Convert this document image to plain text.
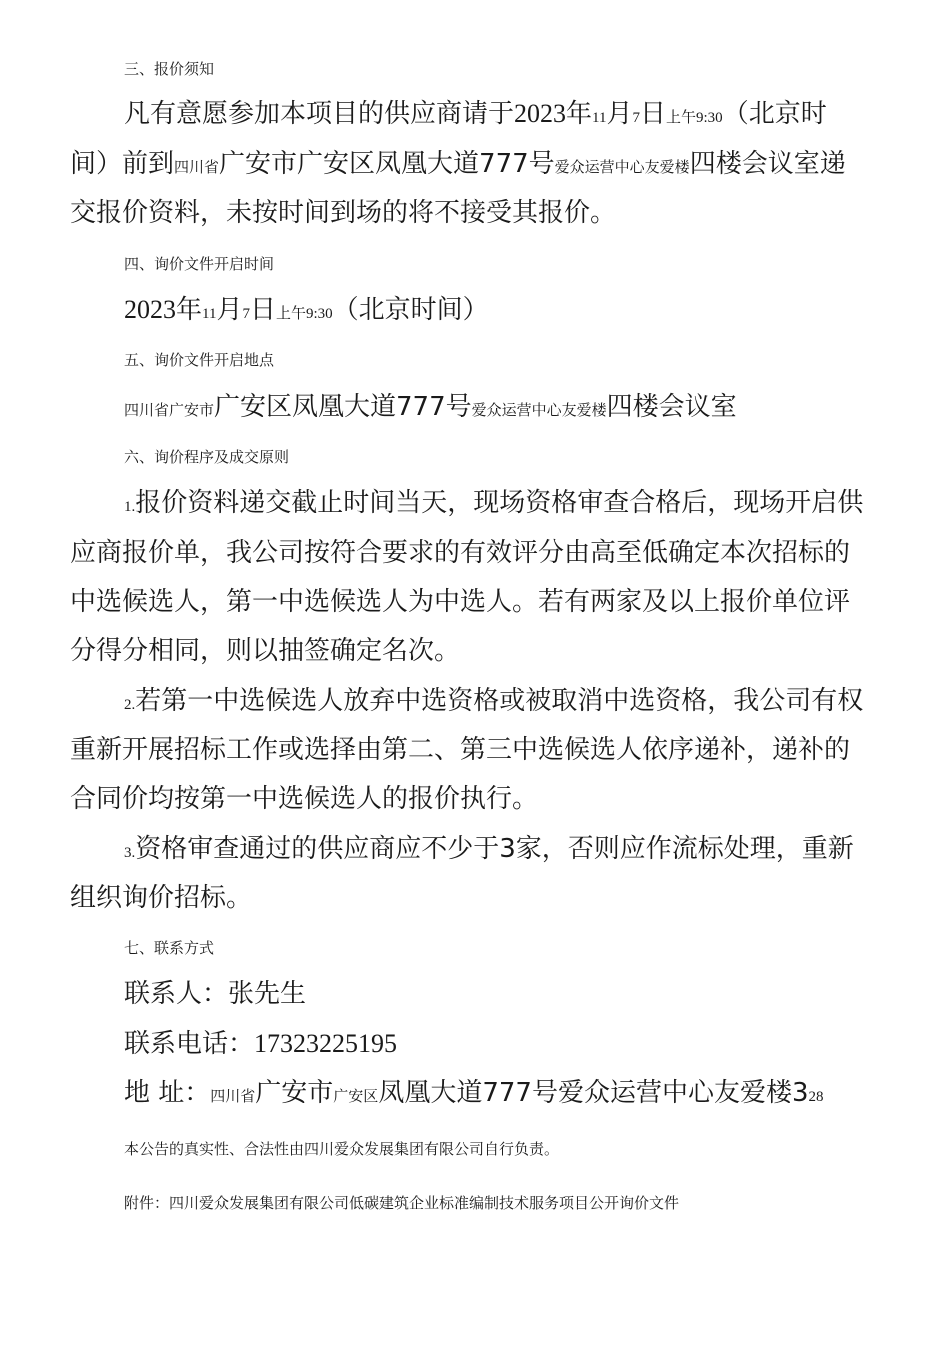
三、报价须知
凡有意愿参加本项目的供应商请于2023年11月7日上午9:30（北京时
间）前到四川省广安市广安区凤凰大道777号爱众运营中心友爱楼四楼会议室递
交报价资料，未按时间到场的将不接受其报价。
四、询价文件开启时间
2023年11月7日上午9:30（北京时间）
五、询价文件开启地点
四川省广安市广安区凤凰大道777号爱众运营中心友爱楼四楼会议室
六、询价程序及成交原则
1.报价资料递交截止时间当天，现场资格审查合格后，现场开启供
应商报价单，我公司按符合要求的有效评分由高至低确定本次招标的
中选候选人，第一中选候选人为中选人。若有两家及以上报价单位评
分得分相同，则以抽签确定名次。
2.若第一中选候选人放弃中选资格或被取消中选资格，我公司有权
重新开展招标工作或选择由第二、第三中选候选人依序递补，递补的
合同价均按第一中选候选人的报价执行。
3.资格审查通过的供应商应不少于3家，否则应作流标处理，重新
组织询价招标。
七、联系方式
联系人：张先生
联系电话：17323225195
地 址：四川省广安市广安区凤凰大道777号爱众运营中心友爱楼328
本公告的真实性、合法性由四川爱众发展集团有限公司自行负责。
附件：四川爱众发展集团有限公司低碳建筑企业标准编制技术服务项目公开询价文件
